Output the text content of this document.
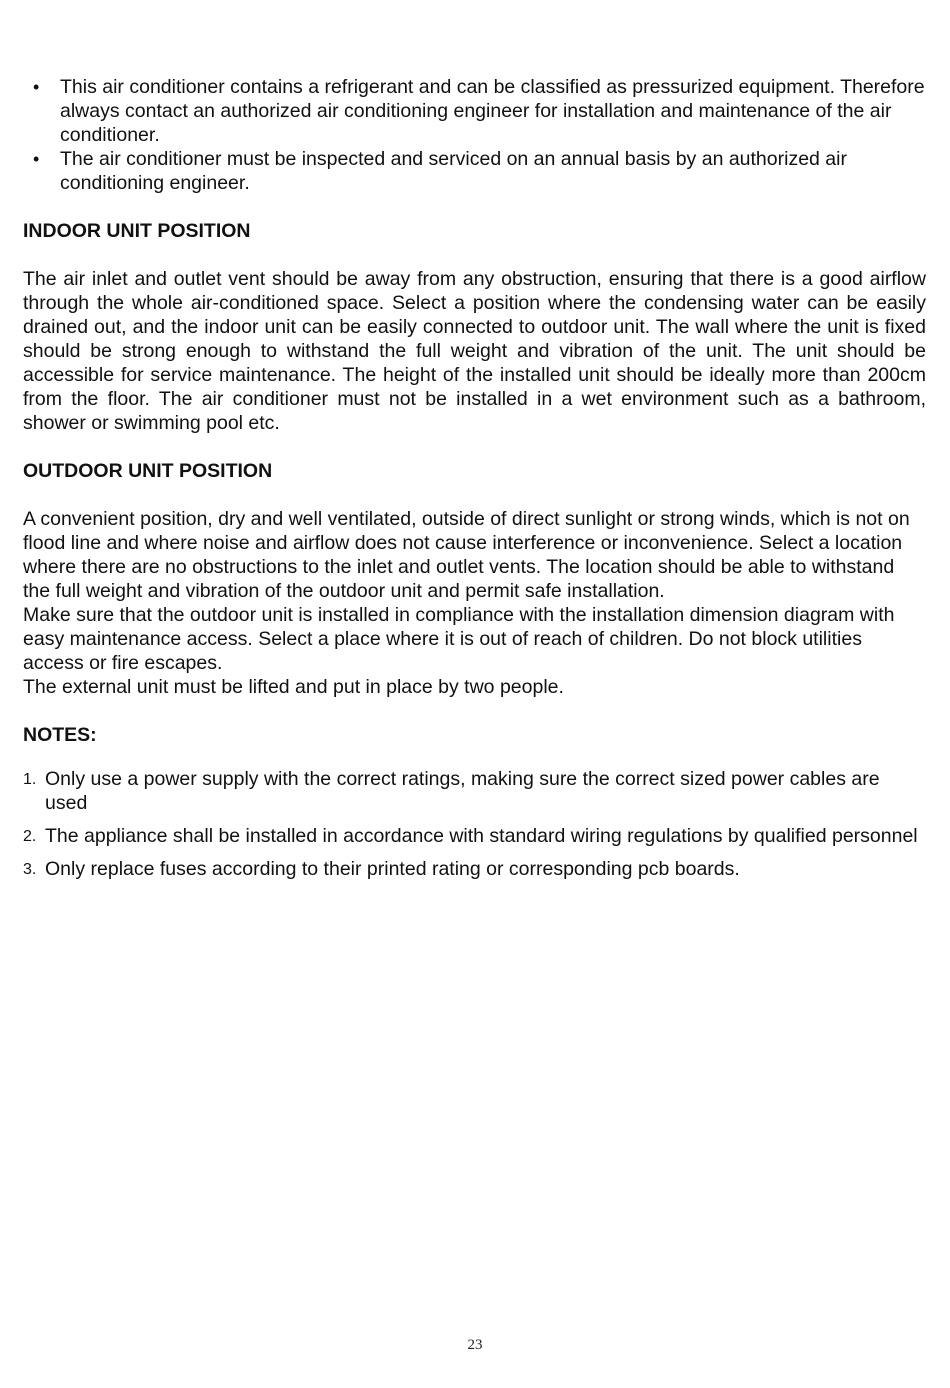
• This air conditioner contains a refrigerant and can be classified as pressurized equipment. Therefore always contact an authorized air conditioning engineer for installation and maintenance of the air conditioner.
• The air conditioner must be inspected and serviced on an annual basis by an authorized air conditioning engineer.
INDOOR UNIT POSITION

The air inlet and outlet vent should be away from any obstruction, ensuring that there is a good airflow through the whole air-conditioned space. Select a position where the condensing water can be easily drained out, and the indoor unit can be easily connected to outdoor unit. The wall where the unit is fixed should be strong enough to withstand the full weight and vibration of the unit. The unit should be accessible for service maintenance. The height of the installed unit should be ideally more than 200cm from the floor. The air conditioner must not be installed in a wet environment such as a bathroom, shower or swimming pool etc.

OUTDOOR UNIT POSITION

A convenient position, dry and well ventilated, outside of direct sunlight or strong winds, which is not on flood line and where noise and airflow does not cause interference or inconvenience. Select a location where there are no obstructions to the inlet and outlet vents. The location should be able to withstand the full weight and vibration of the outdoor unit and permit safe installation.

Make sure that the outdoor unit is installed in compliance with the installation dimension diagram with easy maintenance access. Select a place where it is out of reach of children. Do not block utilities access or fire escapes.

The external unit must be lifted and put in place by two people.

NOTES:
1. Only use a power supply with the correct ratings, making sure the correct sized power cables are used
2. The appliance shall be installed in accordance with standard wiring regulations by qualified personnel
3. Only replace fuses according to their printed rating or corresponding pcb boards.
23
